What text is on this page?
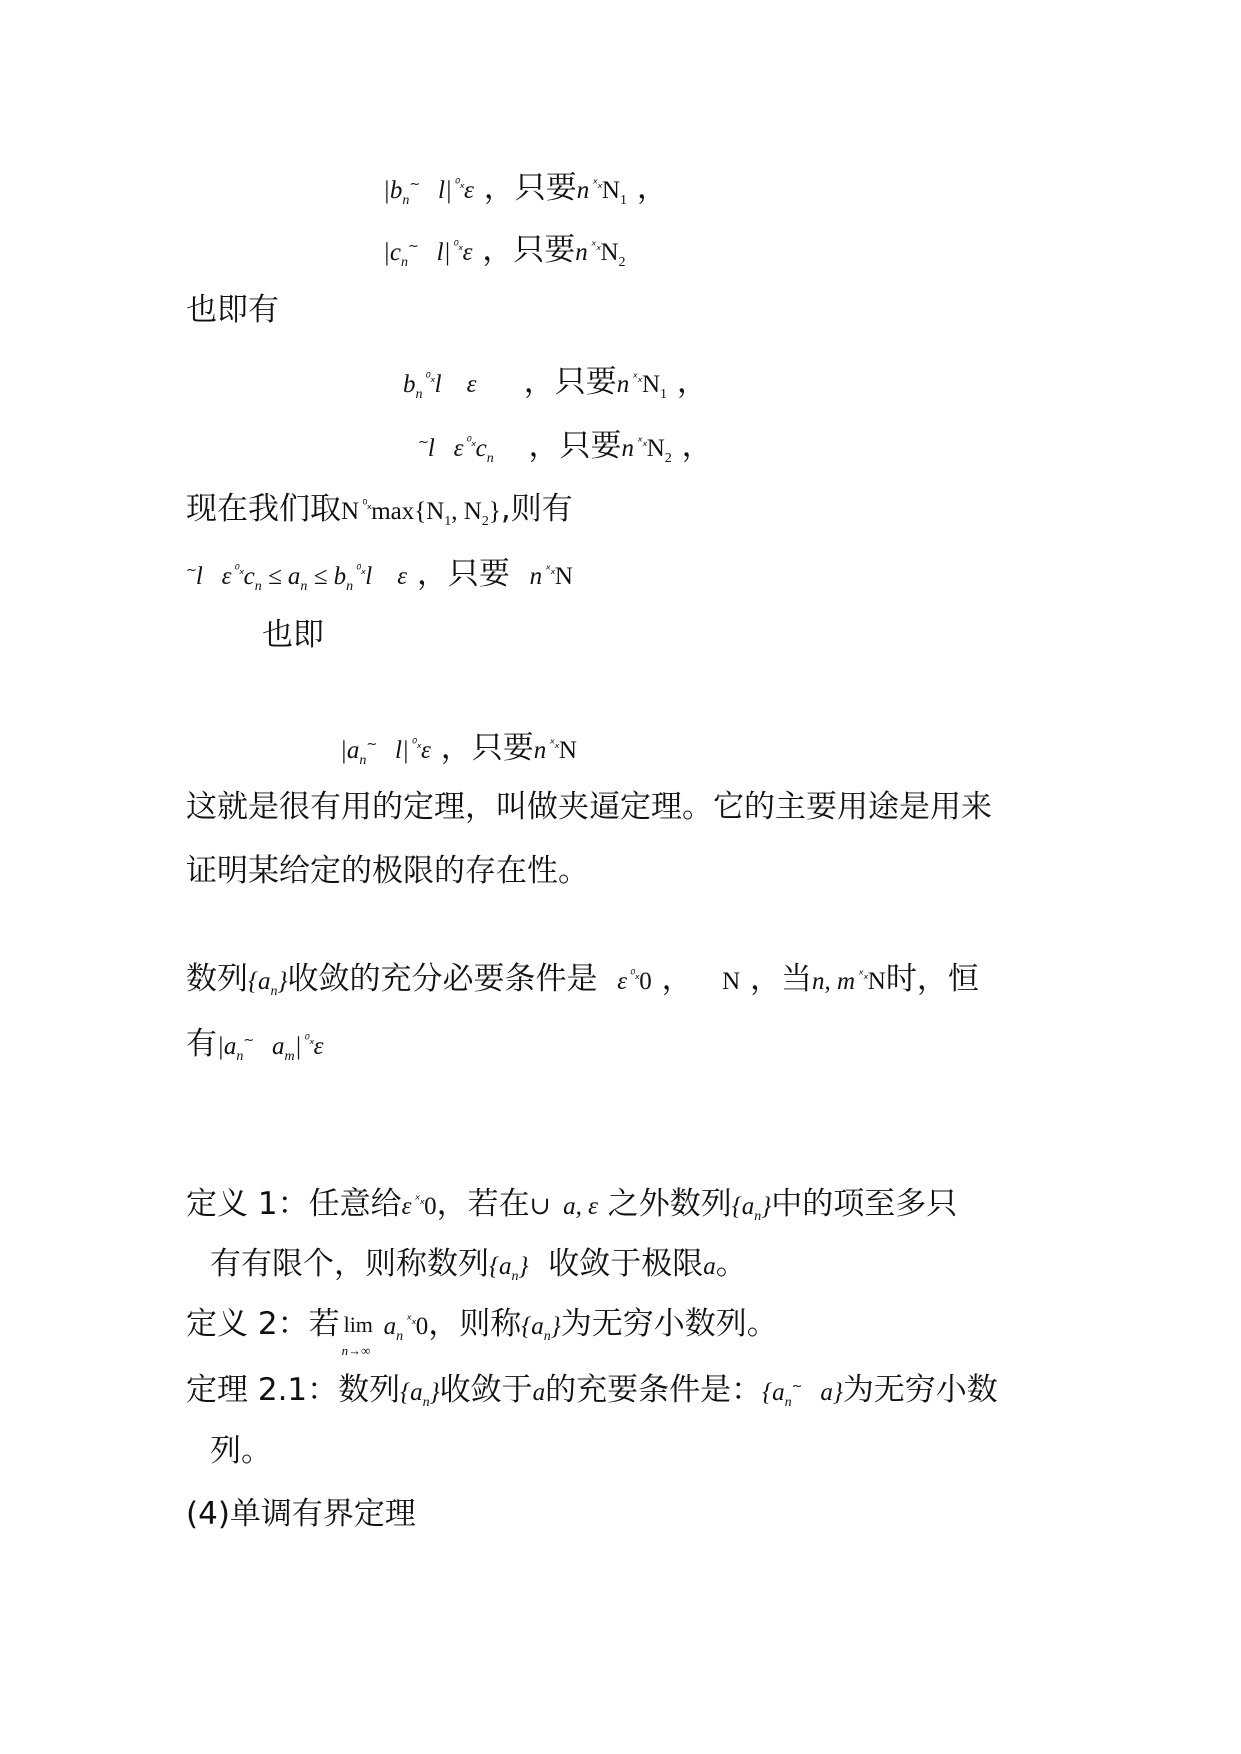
$|b_n^\sim$   l| $^{^0_x}$ε ，只要n $^{ˣ_x}N_1$ ，
$|c_n^\sim$   l| $^{^0_x}$ε ，只要n $^{ˣ_x}N_2$
也即有
$b_n$ $^{^0_x}$l    ε       ，只要n $^{ˣ_x}N_1$ ，
~l   ε $^{^0_x}c_n$ ，只要n $^{ˣ_x}N_2$ ，
现在我们取N $^{^0_x}\max\{N_1$, $N_2$},则有
~l   ε $^{^0_x}c_n \le a_n \le b_n$ $^{^0_x}$l    ε ，只要 n $^{ˣ_x}$N
也即
$|a_n^\sim$   l| $^{^0_x}$ε ，只要n $^{ˣ_x}$N
这就是很有用的定理，叫做夹逼定理。它的主要用途是用来
证明某给定的极限的存在性。
数列$\{a_n\}$收敛的充分必要条件是 ε $^{^0_x}$0 ， N ，当n, m $^{ˣ_x}$N时，恒
有$|a_n^\sim$   $a_m|$ $^{^0_x}$ε
定义 1：任意给ε $^{ˣ_x}$0，若在∪  a, ε 之外数列$\{a_n\}$中的项至多只
有有限个，则称数列$\{a_n\}$ 收敛于极限a。
定义 2：若 lim
n→∞
$a_n$ $^{ˣ_x}$0，则称$\{a_n\}$为无穷小数列。
定理 2.1：数列$\{a_n\}$收敛于a的充要条件是：{$a_n^\sim$   a}为无穷小数
列。
(4)单调有界定理
